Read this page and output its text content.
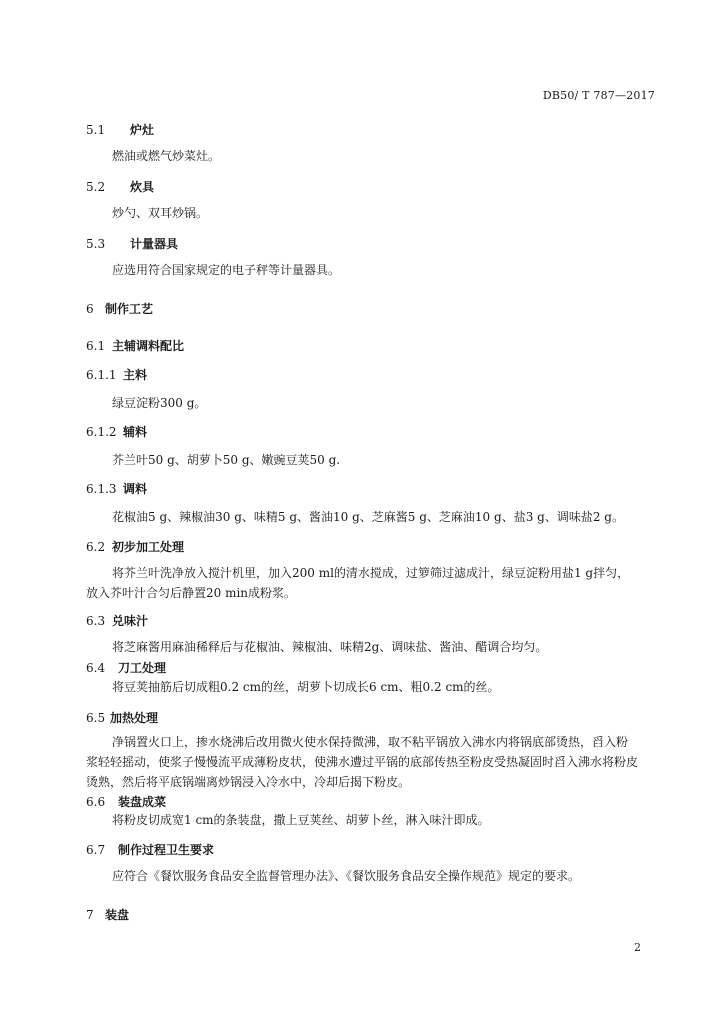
DB50/ T 787—2017
5.1 炉灶
燃油或燃气炒菜灶。
5.2 炊具
炒勺、双耳炒锅。
5.3 计量器具
应选用符合国家规定的电子秤等计量器具。
6 制作工艺
6.1 主辅调料配比
6.1.1 主料
绿豆淀粉300 g。
6.1.2 辅料
芥兰叶50 g、胡萝卜50 g、嫩豌豆荚50 g.
6.1.3 调料
花椒油5 g、辣椒油30 g、味精5 g、酱油10 g、芝麻酱5 g、芝麻油10 g、盐3 g、调味盐2 g。
6.2 初步加工处理
将芥兰叶洗净放入搅汁机里，加入200 ml的清水搅成，过箩筛过滤成汁，绿豆淀粉用盐1 g拌匀，放入芥叶汁合匀后静置20 min成粉浆。
6.3 兑味汁
将芝麻酱用麻油稀释后与花椒油、辣椒油、味精2g、调味盐、酱油、醋调合均匀。
6.4 刀工处理
将豆荚抽筋后切成粗0.2 cm的丝，胡萝卜切成长6 cm、粗0.2 cm的丝。
6.5 加热处理
净锅置火口上，掺水烧沸后改用微火使水保持微沸，取不粘平锅放入沸水内将锅底部烫热，舀入粉浆轻轻摇动，使浆子慢慢流平成薄粉皮状，使沸水遭过平锅的底部传热至粉皮受热凝固时舀入沸水将粉皮烫熟，然后将平底锅端离炒锅浸入冷水中，冷却后揭下粉皮。
6.6 装盘成菜
将粉皮切成宽1 cm的条装盘，撒上豆荚丝、胡萝卜丝，淋入味汁即成。
6.7 制作过程卫生要求
应符合《餐饮服务食品安全监督管理办法》、《餐饮服务食品安全操作规范》规定的要求。
7 装盘
2
